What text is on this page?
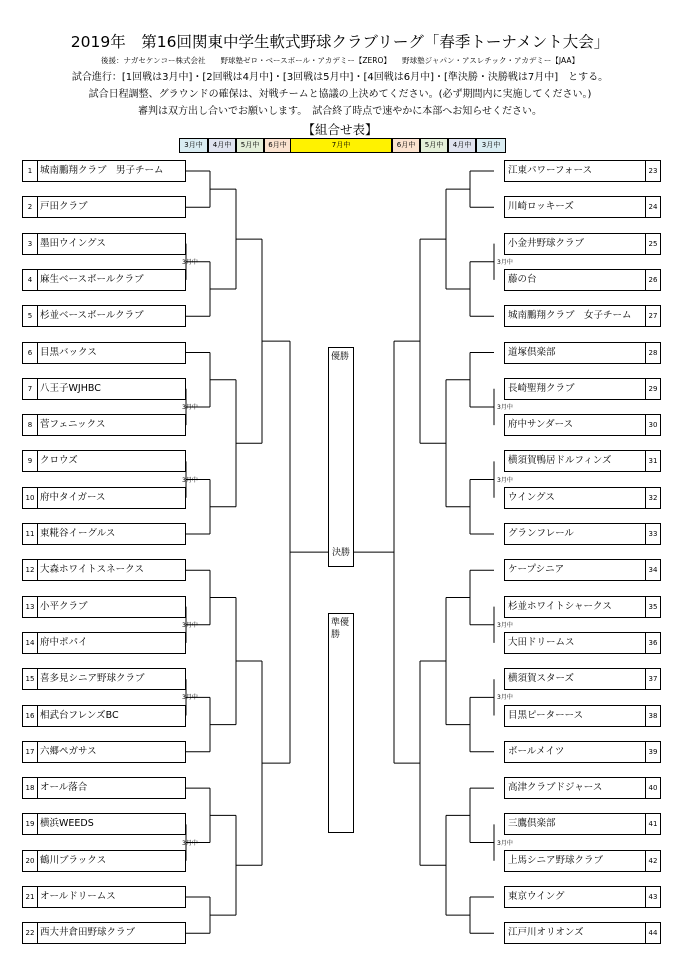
2019年　第16回関東中学生軟式野球クラブリーグ「春季トーナメント大会」
後援：ナガセケンコー株式会社　　野球塾ゼロ・ベースボール・アカデミー【ZERO】　　野球塾ジャパン・アスレチック・アカデミー【JAA】
試合進行：[1回戦は3月中]・[2回戦は4月中]・[3回戦は5月中]・[4回戦は6月中]・[準決勝・決勝戦は7月中]　とする。
試合日程調整、グラウンドの確保は、対戦チームと協議の上決めてください。(必ず期間内に実施してください。)
審判は双方出し合いでお願いします。　試合終了時点で速やかに本部へお知らせください。
【組合せ表】
3月中	4月中	5月中	6月中	7月中	6月中	5月中	4月中	3月中
1 城南鵬翔クラブ　男子チーム
2 戸田クラブ
3 墨田ウイングス
4 麻生ベースボールクラブ
5 杉並ベースボールクラブ
6 目黒バックス
7 八王子WJHBC
8 菅フェニックス
9 クロウズ
10 府中タイガース
11 東糀谷イーグルス
12 大森ホワイトスネークス
13 小平クラブ
14 府中ポパイ
15 喜多見シニア野球クラブ
16 相武台フレンズBC
17 六郷ペガサス
18 オール落合
19 横浜WEEDS
20 鶴川ブラックス
21 オールドリームス
22 西大井倉田野球クラブ
23
江東パワーフォース
24
川崎ロッキーズ
25
小金井野球クラブ
26
藤の台
27
城南鵬翔クラブ　女子チーム
28
道塚倶楽部
29
長崎聖翔クラブ
30
府中サンダース
31
横須賀鴨居ドルフィンズ
32
ウイングス
33
グランフレール
34
ケープシニア
35
杉並ホワイトシャークス
36
大田ドリームス
37
横須賀スターズ
38
目黒ピーターース
39
ボールメイツ
40
高津クラブドジャース
41
三鷹倶楽部
42
上馬シニア野球クラブ
43
東京ウイング
44
江戸川オリオンズ
3月中
3月中
3月中
3月中
3月中
3月中
3月中
3月中
3月中
3月中
3月中
3月中
優勝
決勝
準優勝
